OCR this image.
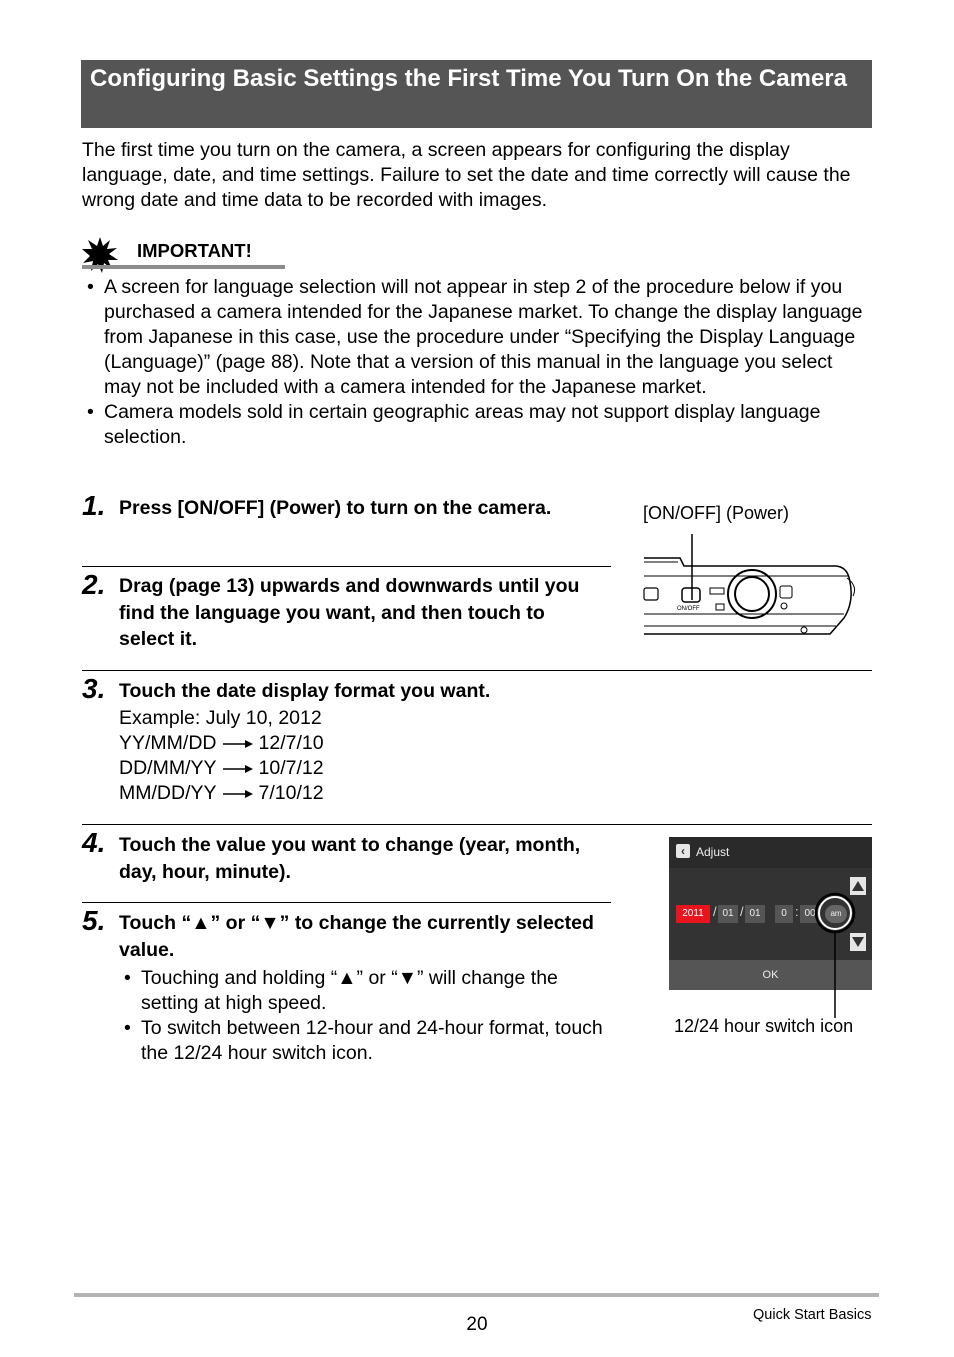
Configuring Basic Settings the First Time You Turn On the Camera
The first time you turn on the camera, a screen appears for configuring the display language, date, and time settings. Failure to set the date and time correctly will cause the wrong date and time data to be recorded with images.
IMPORTANT!
• A screen for language selection will not appear in step 2 of the procedure below if you purchased a camera intended for the Japanese market. To change the display language from Japanese in this case, use the procedure under “Specifying the Display Language (Language)” (page 88). Note that a version of this manual in the language you select may not be included with a camera intended for the Japanese market.
• Camera models sold in certain geographic areas may not support display language selection.
1. Press [ON/OFF] (Power) to turn on the camera.
2. Drag (page 13) upwards and downwards until you find the language you want, and then touch to select it.
[ON/OFF] (Power)
ON/OFF
3. Touch the date display format you want.
Example: July 10, 2012
YY/MM/DD 12/7/10
DD/MM/YY 10/7/12
MM/DD/YY 7/10/12
4. Touch the value you want to change (year, month, day, hour, minute).
5. Touch “▲” or “▼” to change the currently selected value.
• Touching and holding “▲” or “▼” will change the setting at high speed.
• To switch between 12-hour and 24-hour format, touch the 12/24 hour switch icon.
‹ Adjust
2011 / 01 / 01	0 : 00	am
OK
12/24 hour switch icon
20	Quick Start Basics
